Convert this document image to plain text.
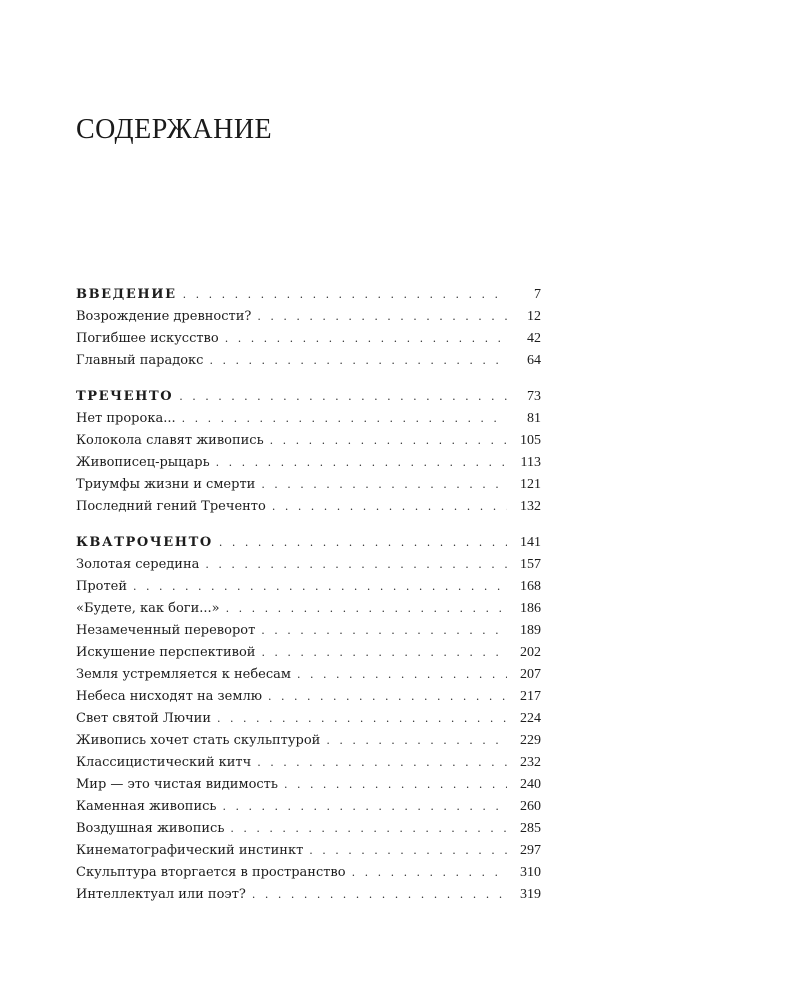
СОДЕРЖАНИЕ
ВВЕДЕНИЕ . . .	7
Возрождение древности? . . .	12
Погибшее искусство . . .	42
Главный парадокс . . .	64
ТРЕЧЕНТО . . .	73
Нет пророка... . . .	81
Колокола славят живопись . . .	105
Живописец-рыцарь . . .	113
Триумфы жизни и смерти . . .	121
Последний гений Треченто . . .	132
КВАТРОЧЕНТО . . .	141
Золотая середина . . .	157
Протей . . .	168
«Будете, как боги...» . . .	186
Незамеченный переворот . . .	189
Искушение перспективой . . .	202
Земля устремляется к небесам . . .	207
Небеса нисходят на землю . . .	217
Свет святой Лючии . . .	224
Живопись хочет стать скульптурой . . .	229
Классицистический китч . . .	232
Мир — это чистая видимость . . .	240
Каменная живопись . . .	260
Воздушная живопись . . .	285
Кинематографический инстинкт . . .	297
Скульптура вторгается в пространство . . .	310
Интеллектуал или поэт? . . .	319
